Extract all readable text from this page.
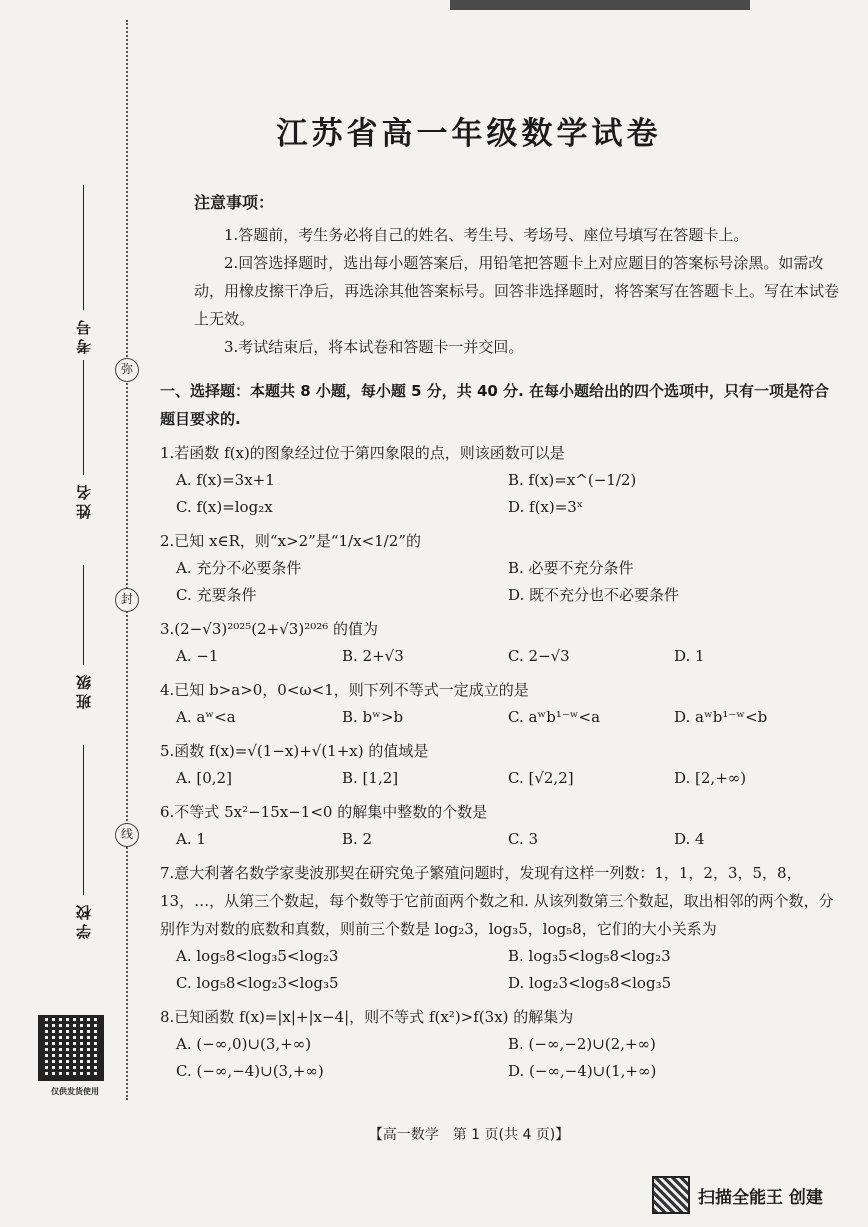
弥
封
线
考号
姓名
班级
学校
仅供发货使用
江苏省高一年级数学试卷
注意事项：

1.答题前，考生务必将自己的姓名、考生号、考场号、座位号填写在答题卡上。

2.回答选择题时，选出每小题答案后，用铅笔把答题卡上对应题目的答案标号涂黑。如需改动，用橡皮擦干净后，再选涂其他答案标号。回答非选择题时，将答案写在答题卡上。写在本试卷上无效。

3.考试结束后，将本试卷和答题卡一并交回。

一、选择题：本题共 8 小题，每小题 5 分，共 40 分. 在每小题给出的四个选项中，只有一项是符合题目要求的.
1.若函数 f(x)的图象经过位于第四象限的点，则该函数可以是
A. f(x)=3x+1	B. f(x)=x^(−1/2)
C. f(x)=log₂x	D. f(x)=3ˣ
2.已知 x∈R，则“x>2”是“1/x<1/2”的
A. 充分不必要条件	B. 必要不充分条件
C. 充要条件	D. 既不充分也不必要条件
3.(2−√3)²⁰²⁵(2+√3)²⁰²⁶ 的值为
A. −1	B. 2+√3	C. 2−√3	D. 1
4.已知 b>a>0，0<ω<1，则下列不等式一定成立的是
A. aʷ<a	B. bʷ>b	C. aʷb¹⁻ʷ<a	D. aʷb¹⁻ʷ<b
5.函数 f(x)=√(1−x)+√(1+x) 的值域是
A. [0,2]	B. [1,2]	C. [√2,2]	D. [2,+∞)
6.不等式 5x²−15x−1<0 的解集中整数的个数是
A. 1	B. 2	C. 3	D. 4
7.意大利著名数学家斐波那契在研究兔子繁殖问题时，发现有这样一列数：1，1，2，3，5，8，13，…，从第三个数起，每个数等于它前面两个数之和. 从该列数第三个数起，取出相邻的两个数，分别作为对数的底数和真数，则前三个数是 log₂3，log₃5，log₅8，它们的大小关系为
A. log₅8<log₃5<log₂3	B. log₃5<log₅8<log₂3
C. log₅8<log₂3<log₃5	D. log₂3<log₅8<log₃5
8.已知函数 f(x)=|x|+|x−4|，则不等式 f(x²)>f(3x) 的解集为
A. (−∞,0)∪(3,+∞)	B. (−∞,−2)∪(2,+∞)
C. (−∞,−4)∪(3,+∞)	D. (−∞,−4)∪(1,+∞)
【高一数学　第 1 页(共 4 页)】
扫描全能王 创建
